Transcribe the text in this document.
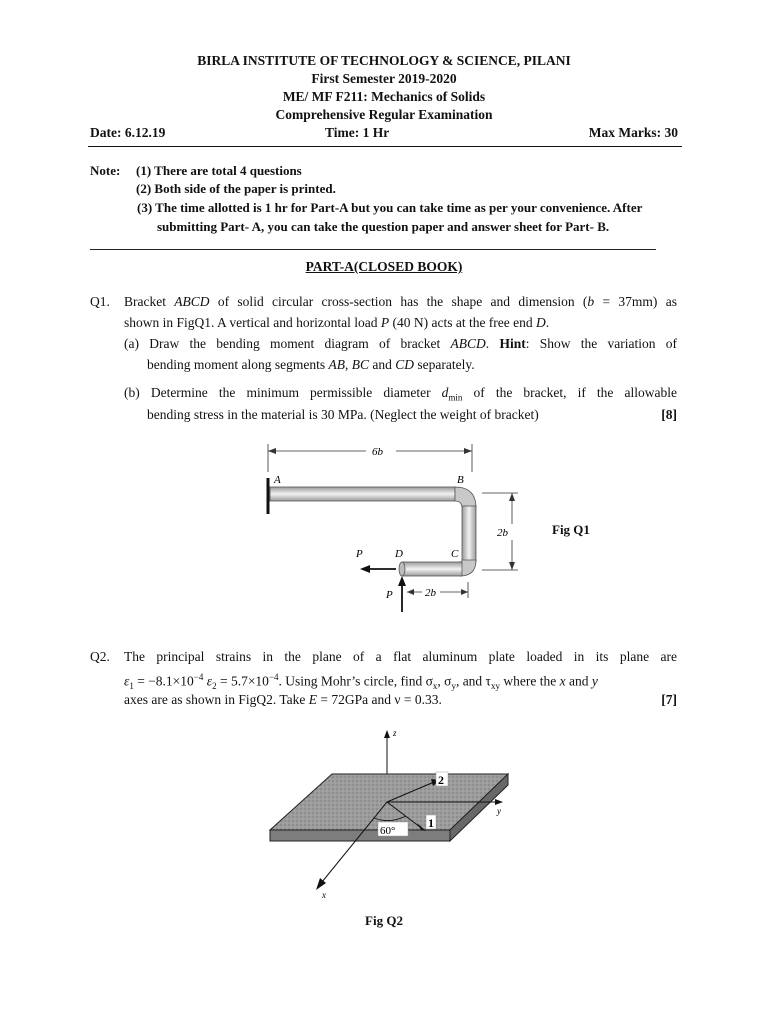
BIRLA INSTITUTE OF TECHNOLOGY & SCIENCE, PILANI
First Semester 2019-2020
ME/ MF F211: Mechanics of Solids
Comprehensive Regular Examination
Date: 6.12.19	Time: 1 Hr	Max Marks: 30
Note: (1) There are total 4 questions
(2) Both side of the paper is printed.
(3) The time allotted is 1 hr for Part-A but you can take time as per your convenience. After
submitting Part- A, you can take the question paper and answer sheet for Part- B.
PART-A(CLOSED BOOK)
Q1. Bracket ABCD of solid circular cross-section has the shape and dimension (b = 37mm) as
shown in FigQ1. A vertical and horizontal load P (40 N) acts at the free end D.
(a) Draw the bending moment diagram of bracket ABCD. Hint: Show the variation of
bending moment along segments AB, BC and CD separately.
(b) Determine the minimum permissible diameter $d_{min}$ of the bracket, if the allowable
bending stress in the material is 30 MPa. (Neglect the weight of bracket)	[8]
6b
A	B
2b
C
D
P
P	2b
Fig Q1
Q2. The principal strains in the plane of a flat aluminum plate loaded in its plane are
$\varepsilon_1 = -8.1\times 10^{-4}$ $\varepsilon_2 = 5.7\times 10^{-4}$. Using Mohr’s circle, find $\sigma_x$, $\sigma_y$, and $\tau_{xy}$ where the x and y
axes are as shown in FigQ2. Take E = 72GPa and ν = 0.33.	[7]
z
y
x
2
1
60°
Fig Q2
